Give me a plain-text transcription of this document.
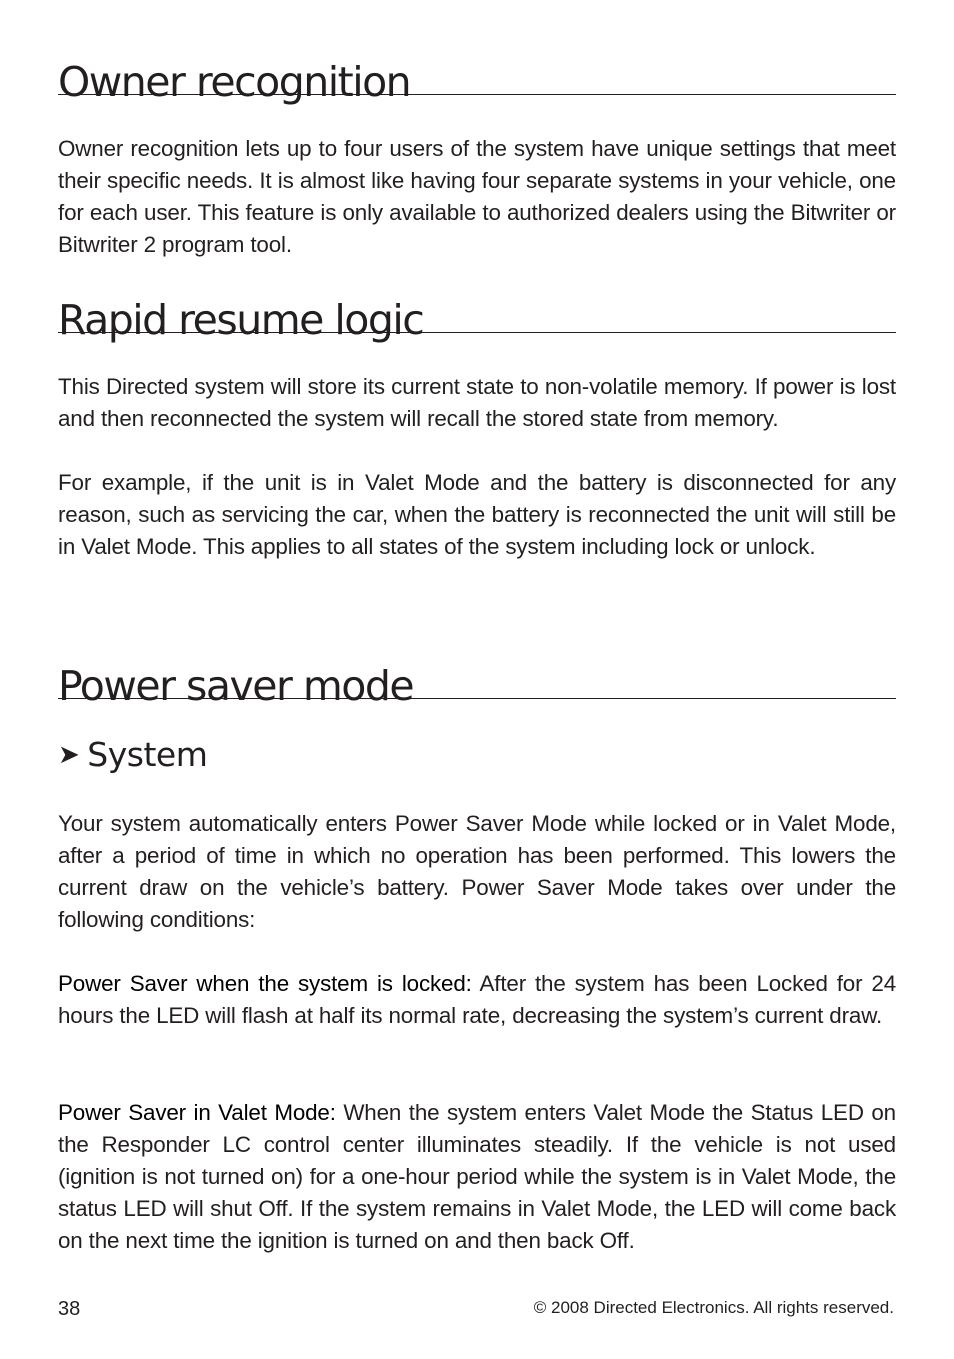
Owner recognition

Owner recognition lets up to four users of the system have unique settings that meet their specific needs. It is almost like having four separate systems in your vehicle, one for each user. This feature is only available to authorized dealers using the Bitwriter or Bitwriter 2 program tool.

Rapid resume logic

This Directed system will store its current state to non-volatile memory. If power is lost and then reconnected the system will recall the stored state from memory.

For example, if the unit is in Valet Mode and the battery is disconnected for any reason, such as servicing the car, when the battery is reconnected the unit will still be in Valet Mode. This applies to all states of the system including lock or unlock.

Power saver mode
➤ System

Your system automatically enters Power Saver Mode while locked or in Valet Mode, after a period of time in which no operation has been performed. This lowers the current draw on the vehicle’s battery. Power Saver Mode takes over under the following conditions:

Power Saver when the system is locked: After the system has been Locked for 24 hours the LED will flash at half its normal rate, decreasing the system’s current draw.

Power Saver in Valet Mode: When the system enters Valet Mode the Status LED on the Responder LC control center illuminates steadily. If the vehicle is not used (ignition is not turned on) for a one-hour period while the system is in Valet Mode, the status LED will shut Off. If the system remains in Valet Mode, the LED will come back on the next time the ignition is turned on and then back Off.

38	© 2008 Directed Electronics. All rights reserved.
